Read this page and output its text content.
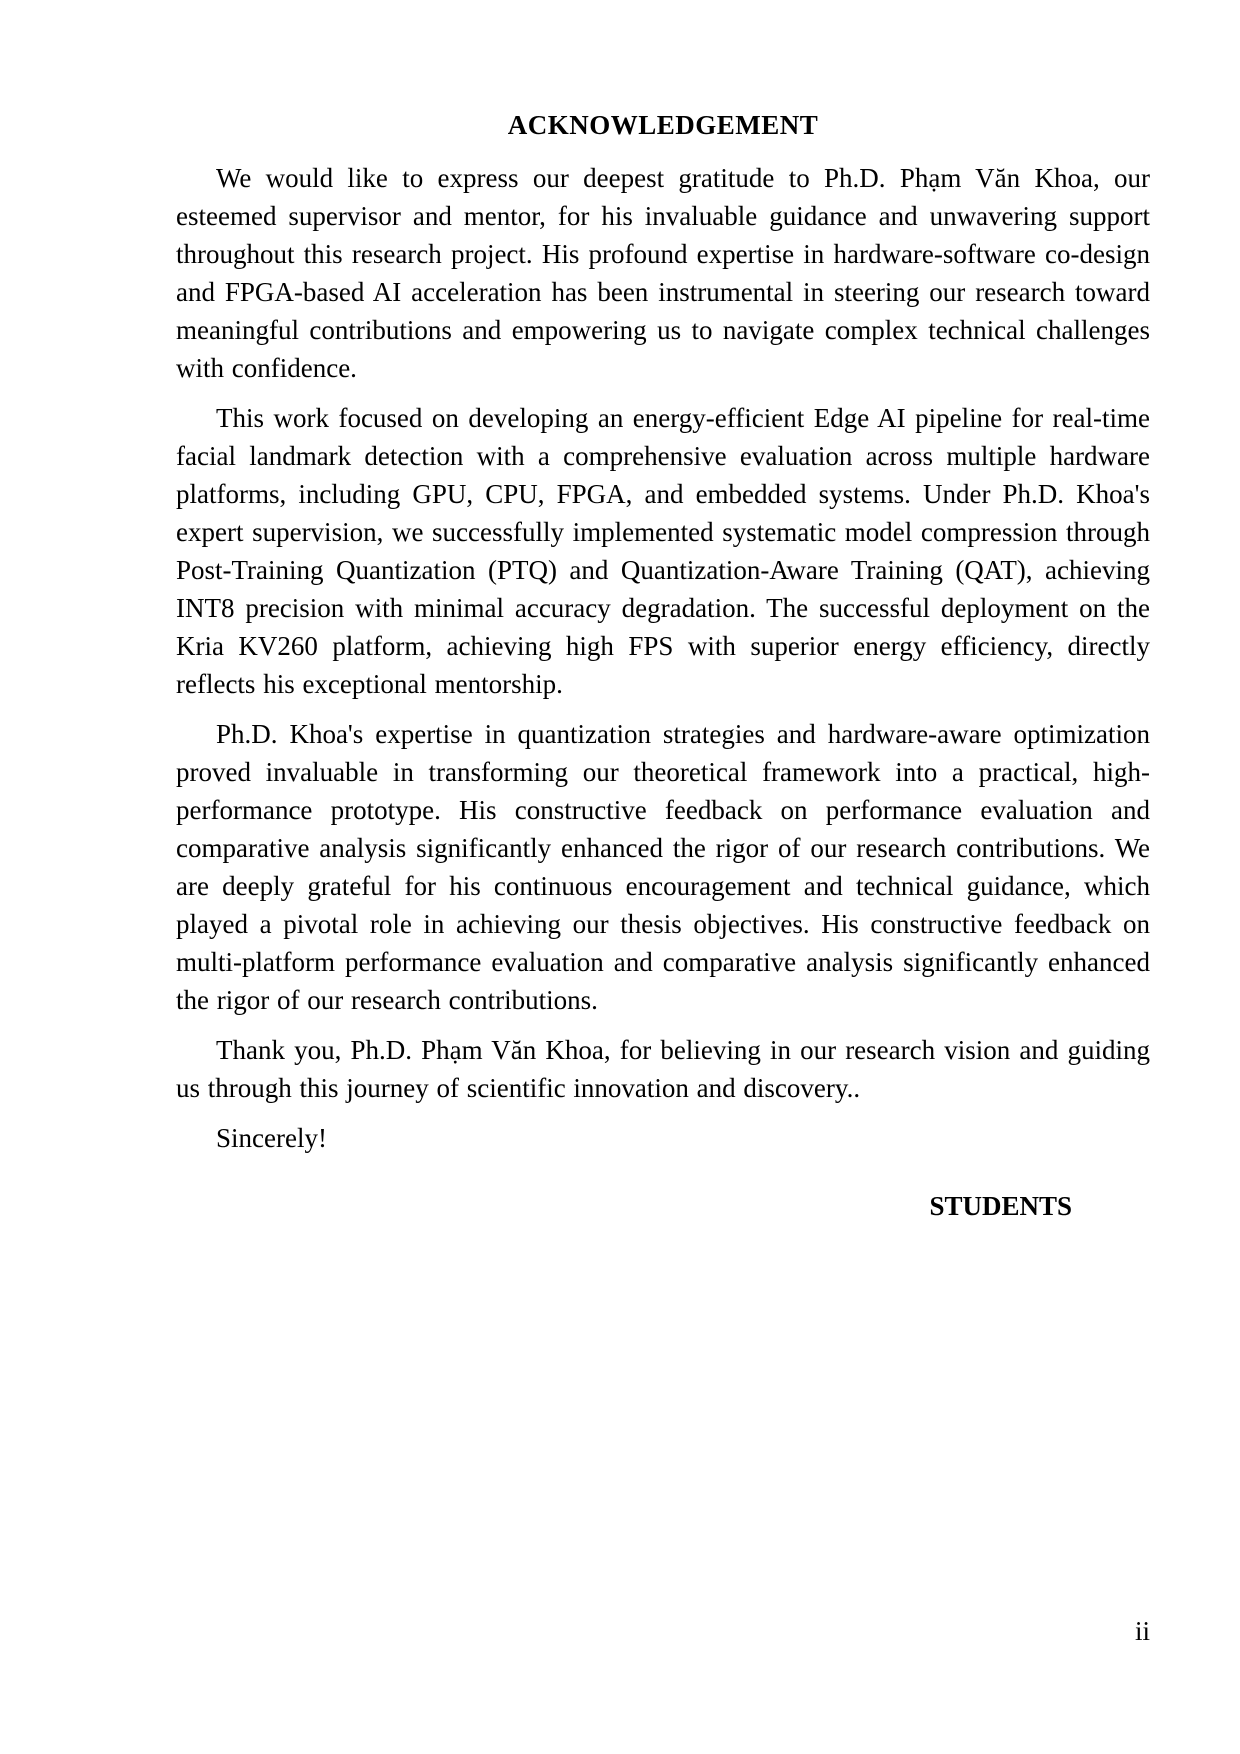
ACKNOWLEDGEMENT

We would like to express our deepest gratitude to Ph.D. Phạm Văn Khoa, our esteemed supervisor and mentor, for his invaluable guidance and unwavering support throughout this research project. His profound expertise in hardware-software co-design and FPGA-based AI acceleration has been instrumental in steering our research toward meaningful contributions and empowering us to navigate complex technical challenges with confidence.

This work focused on developing an energy-efficient Edge AI pipeline for real-time facial landmark detection with a comprehensive evaluation across multiple hardware platforms, including GPU, CPU, FPGA, and embedded systems. Under Ph.D. Khoa's expert supervision, we successfully implemented systematic model compression through Post-Training Quantization (PTQ) and Quantization-Aware Training (QAT), achieving INT8 precision with minimal accuracy degradation. The successful deployment on the Kria KV260 platform, achieving high FPS with superior energy efficiency, directly reflects his exceptional mentorship.

Ph.D. Khoa's expertise in quantization strategies and hardware-aware optimization proved invaluable in transforming our theoretical framework into a practical, high-performance prototype. His constructive feedback on performance evaluation and comparative analysis significantly enhanced the rigor of our research contributions. We are deeply grateful for his continuous encouragement and technical guidance, which played a pivotal role in achieving our thesis objectives. His constructive feedback on multi-platform performance evaluation and comparative analysis significantly enhanced the rigor of our research contributions.

Thank you, Ph.D. Phạm Văn Khoa, for believing in our research vision and guiding us through this journey of scientific innovation and discovery..

Sincerely!

STUDENTS
ii
